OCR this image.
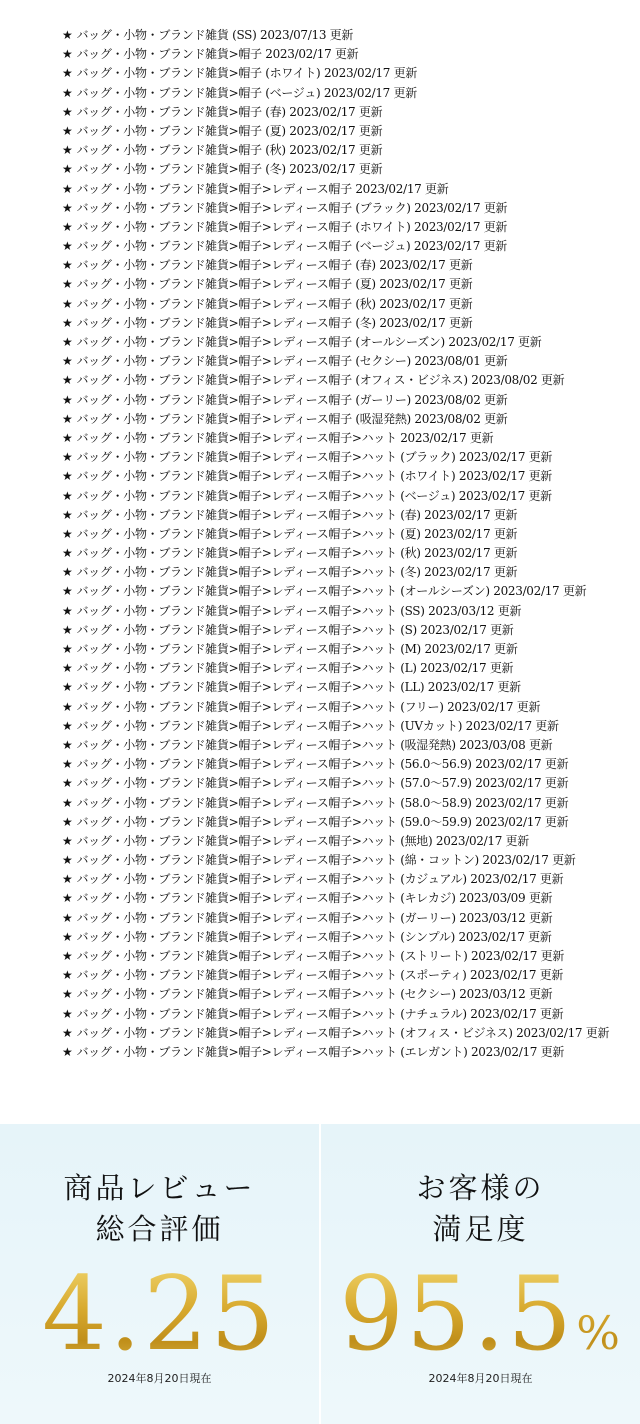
★ バッグ・小物・ブランド雑貨 (SS) 2023/07/13 更新
★ バッグ・小物・ブランド雑貨>帽子 2023/02/17 更新
★ バッグ・小物・ブランド雑貨>帽子 (ホワイト) 2023/02/17 更新
★ バッグ・小物・ブランド雑貨>帽子 (ベージュ) 2023/02/17 更新
★ バッグ・小物・ブランド雑貨>帽子 (春) 2023/02/17 更新
★ バッグ・小物・ブランド雑貨>帽子 (夏) 2023/02/17 更新
★ バッグ・小物・ブランド雑貨>帽子 (秋) 2023/02/17 更新
★ バッグ・小物・ブランド雑貨>帽子 (冬) 2023/02/17 更新
★ バッグ・小物・ブランド雑貨>帽子>レディース帽子 2023/02/17 更新
★ バッグ・小物・ブランド雑貨>帽子>レディース帽子 (ブラック) 2023/02/17 更新
★ バッグ・小物・ブランド雑貨>帽子>レディース帽子 (ホワイト) 2023/02/17 更新
★ バッグ・小物・ブランド雑貨>帽子>レディース帽子 (ベージュ) 2023/02/17 更新
★ バッグ・小物・ブランド雑貨>帽子>レディース帽子 (春) 2023/02/17 更新
★ バッグ・小物・ブランド雑貨>帽子>レディース帽子 (夏) 2023/02/17 更新
★ バッグ・小物・ブランド雑貨>帽子>レディース帽子 (秋) 2023/02/17 更新
★ バッグ・小物・ブランド雑貨>帽子>レディース帽子 (冬) 2023/02/17 更新
★ バッグ・小物・ブランド雑貨>帽子>レディース帽子 (オールシーズン) 2023/02/17 更新
★ バッグ・小物・ブランド雑貨>帽子>レディース帽子 (セクシー) 2023/08/01 更新
★ バッグ・小物・ブランド雑貨>帽子>レディース帽子 (オフィス・ビジネス) 2023/08/02 更新
★ バッグ・小物・ブランド雑貨>帽子>レディース帽子 (ガーリー) 2023/08/02 更新
★ バッグ・小物・ブランド雑貨>帽子>レディース帽子 (吸湿発熱) 2023/08/02 更新
★ バッグ・小物・ブランド雑貨>帽子>レディース帽子>ハット 2023/02/17 更新
★ バッグ・小物・ブランド雑貨>帽子>レディース帽子>ハット (ブラック) 2023/02/17 更新
★ バッグ・小物・ブランド雑貨>帽子>レディース帽子>ハット (ホワイト) 2023/02/17 更新
★ バッグ・小物・ブランド雑貨>帽子>レディース帽子>ハット (ベージュ) 2023/02/17 更新
★ バッグ・小物・ブランド雑貨>帽子>レディース帽子>ハット (春) 2023/02/17 更新
★ バッグ・小物・ブランド雑貨>帽子>レディース帽子>ハット (夏) 2023/02/17 更新
★ バッグ・小物・ブランド雑貨>帽子>レディース帽子>ハット (秋) 2023/02/17 更新
★ バッグ・小物・ブランド雑貨>帽子>レディース帽子>ハット (冬) 2023/02/17 更新
★ バッグ・小物・ブランド雑貨>帽子>レディース帽子>ハット (オールシーズン) 2023/02/17 更新
★ バッグ・小物・ブランド雑貨>帽子>レディース帽子>ハット (SS) 2023/03/12 更新
★ バッグ・小物・ブランド雑貨>帽子>レディース帽子>ハット (S) 2023/02/17 更新
★ バッグ・小物・ブランド雑貨>帽子>レディース帽子>ハット (M) 2023/02/17 更新
★ バッグ・小物・ブランド雑貨>帽子>レディース帽子>ハット (L) 2023/02/17 更新
★ バッグ・小物・ブランド雑貨>帽子>レディース帽子>ハット (LL) 2023/02/17 更新
★ バッグ・小物・ブランド雑貨>帽子>レディース帽子>ハット (フリー) 2023/02/17 更新
★ バッグ・小物・ブランド雑貨>帽子>レディース帽子>ハット (UVカット) 2023/02/17 更新
★ バッグ・小物・ブランド雑貨>帽子>レディース帽子>ハット (吸湿発熱) 2023/03/08 更新
★ バッグ・小物・ブランド雑貨>帽子>レディース帽子>ハット (56.0～56.9) 2023/02/17 更新
★ バッグ・小物・ブランド雑貨>帽子>レディース帽子>ハット (57.0～57.9) 2023/02/17 更新
★ バッグ・小物・ブランド雑貨>帽子>レディース帽子>ハット (58.0～58.9) 2023/02/17 更新
★ バッグ・小物・ブランド雑貨>帽子>レディース帽子>ハット (59.0～59.9) 2023/02/17 更新
★ バッグ・小物・ブランド雑貨>帽子>レディース帽子>ハット (無地) 2023/02/17 更新
★ バッグ・小物・ブランド雑貨>帽子>レディース帽子>ハット (綿・コットン) 2023/02/17 更新
★ バッグ・小物・ブランド雑貨>帽子>レディース帽子>ハット (カジュアル) 2023/02/17 更新
★ バッグ・小物・ブランド雑貨>帽子>レディース帽子>ハット (キレカジ) 2023/03/09 更新
★ バッグ・小物・ブランド雑貨>帽子>レディース帽子>ハット (ガーリー) 2023/03/12 更新
★ バッグ・小物・ブランド雑貨>帽子>レディース帽子>ハット (シンプル) 2023/02/17 更新
★ バッグ・小物・ブランド雑貨>帽子>レディース帽子>ハット (ストリート) 2023/02/17 更新
★ バッグ・小物・ブランド雑貨>帽子>レディース帽子>ハット (スポーティ) 2023/02/17 更新
★ バッグ・小物・ブランド雑貨>帽子>レディース帽子>ハット (セクシー) 2023/03/12 更新
★ バッグ・小物・ブランド雑貨>帽子>レディース帽子>ハット (ナチュラル) 2023/02/17 更新
★ バッグ・小物・ブランド雑貨>帽子>レディース帽子>ハット (オフィス・ビジネス) 2023/02/17 更新
★ バッグ・小物・ブランド雑貨>帽子>レディース帽子>ハット (エレガント) 2023/02/17 更新
商品レビュー
総合評価
4.25
2024年8月20日現在
お客様の
満足度
95.5%
2024年8月20日現在
